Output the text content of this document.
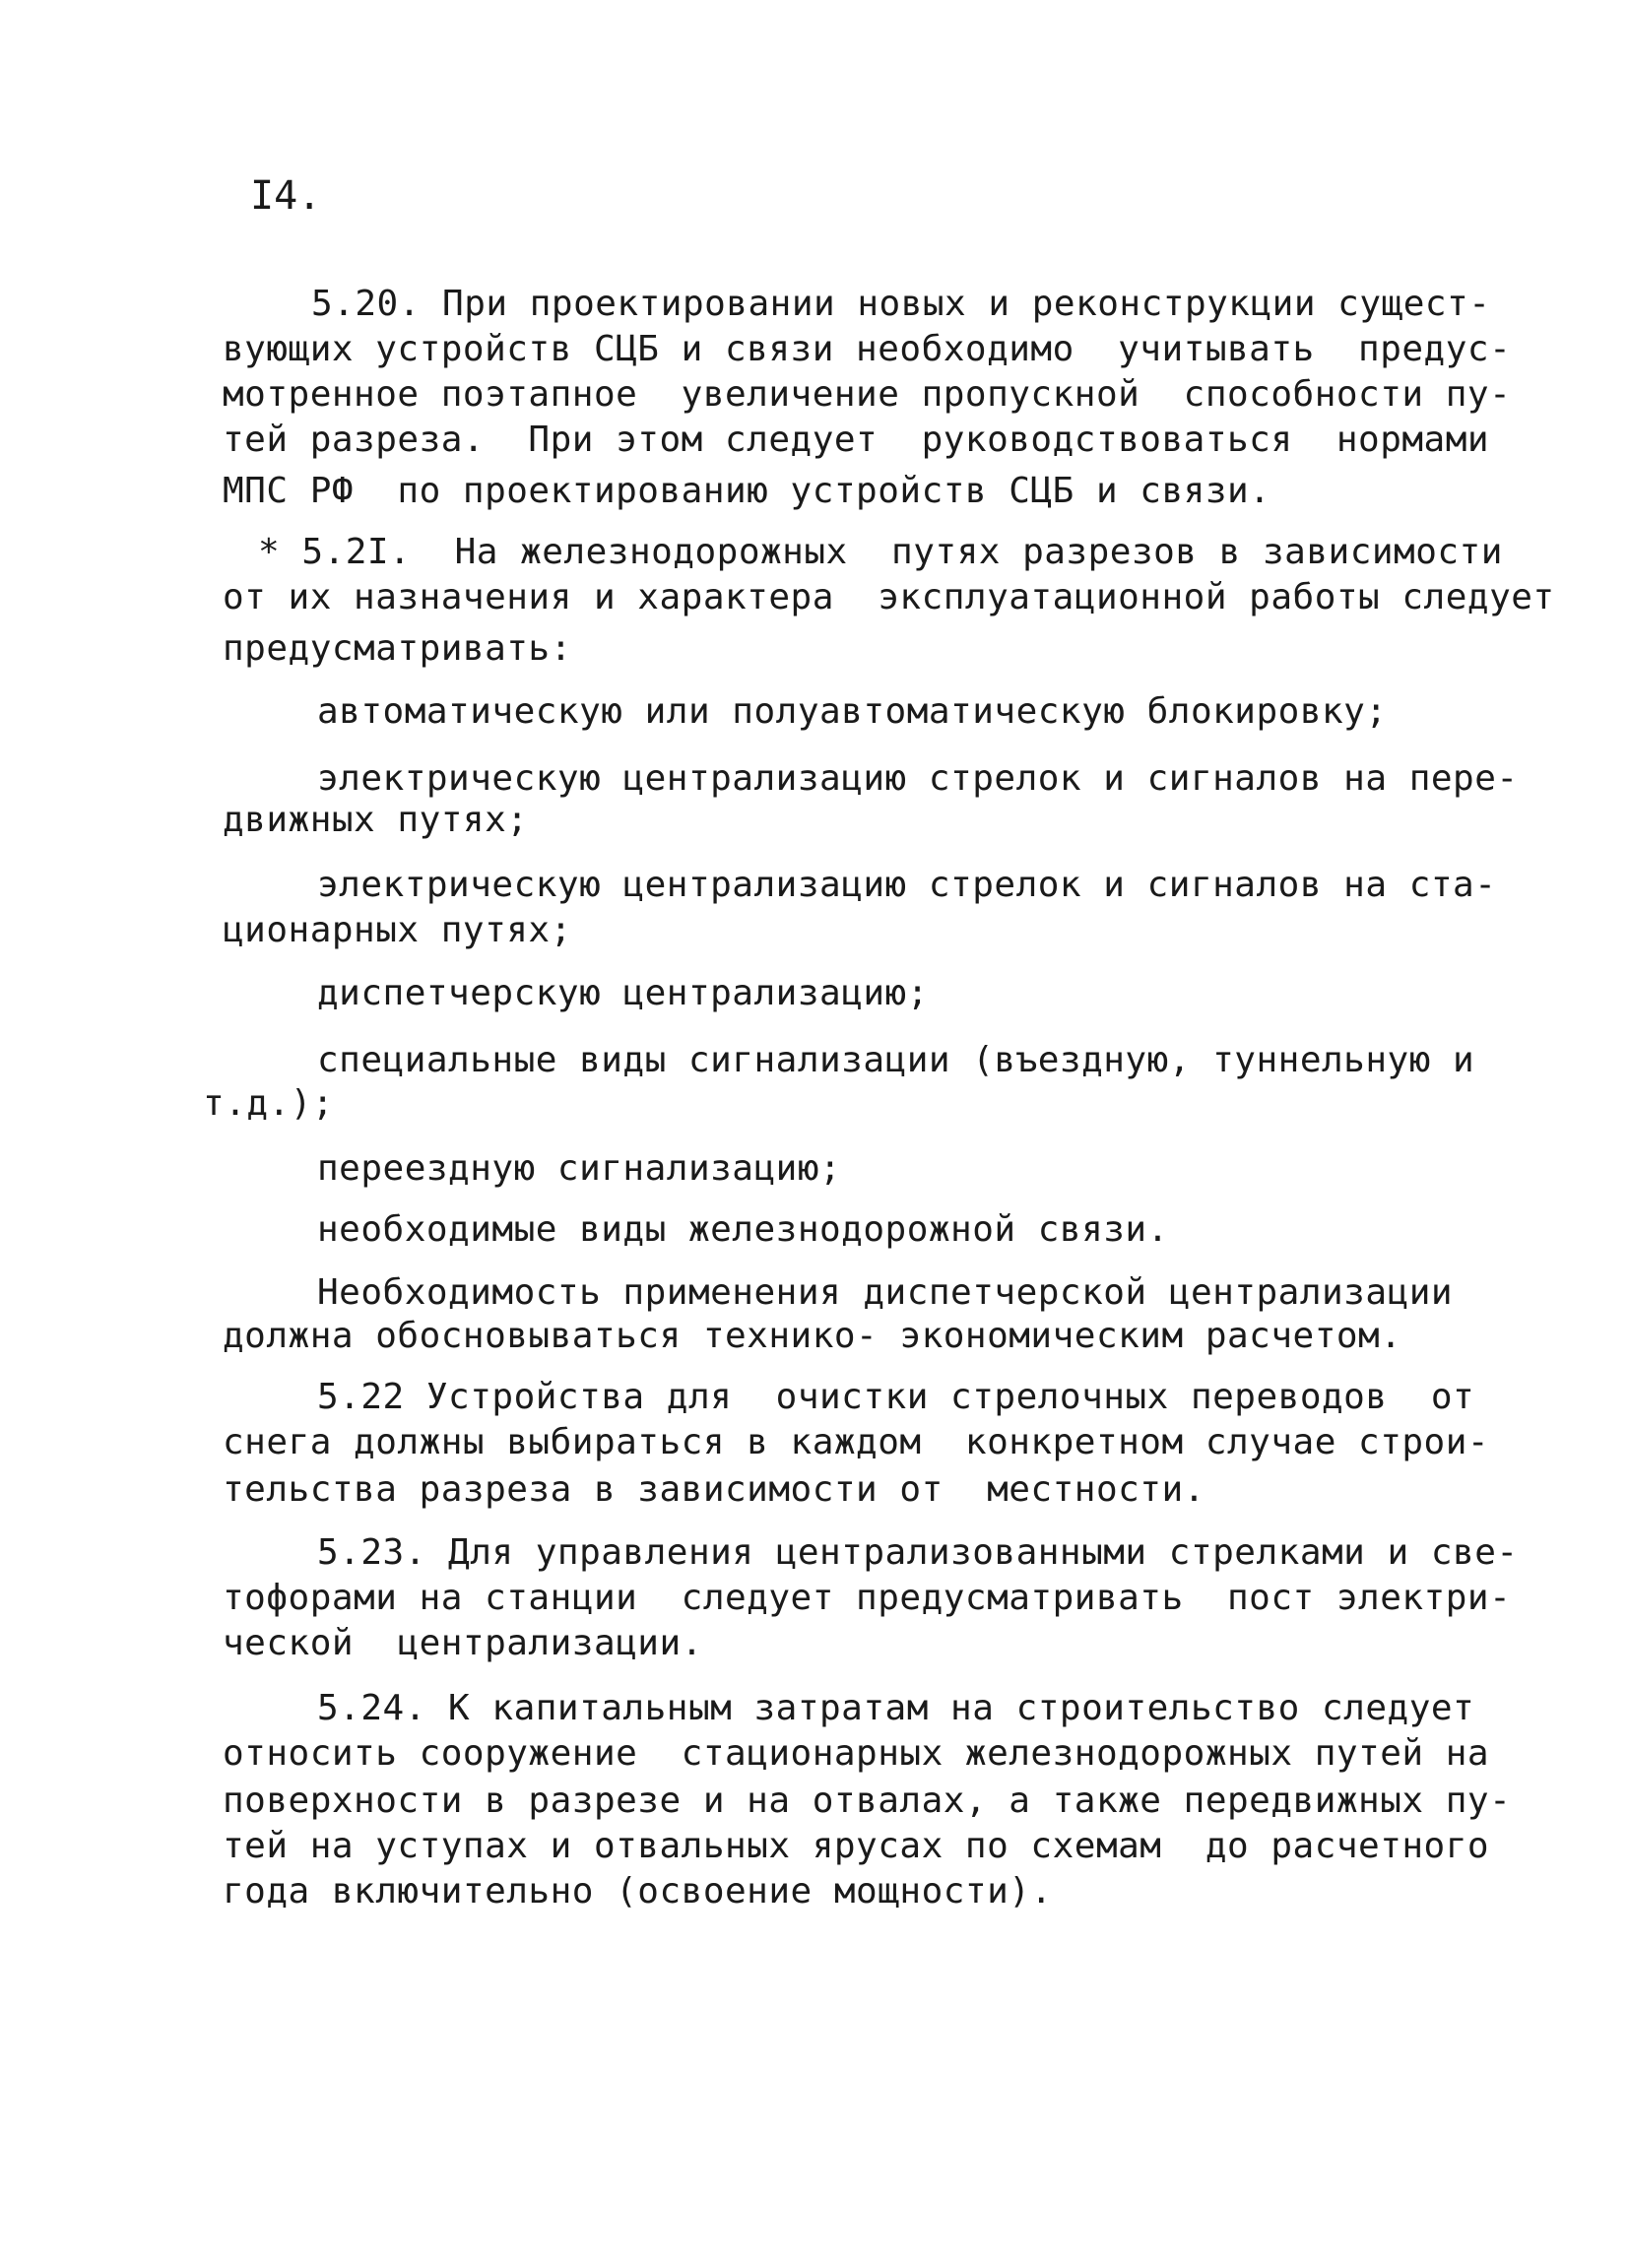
I4.
5.20. При проектировании новых и реконструкции сущест-
вующих устройств СЦБ и связи необходимо  учитывать  предус-
мотренное поэтапное  увеличение пропускной  способности пу-
тей разреза.  При этом следует  руководствоваться  нормами
МПС РФ  по проектированию устройств СЦБ и связи.
* 5.2I.  На железнодорожных  путях разрезов в зависимости
от их назначения и характера  эксплуатационной работы следует
предусматривать:
автоматическую или полуавтоматическую блокировку;
электрическую централизацию стрелок и сигналов на пере-
движных путях;
электрическую централизацию стрелок и сигналов на ста-
ционарных путях;
диспетчерскую централизацию;
специальные виды сигнализации (въездную, туннельную и
т.д.);
переездную сигнализацию;
необходимые виды железнодорожной связи.
Необходимость применения диспетчерской централизации
должна обосновываться технико- экономическим расчетом.
5.22 Устройства для  очистки стрелочных переводов  от
снега должны выбираться в каждом  конкретном случае строи-
тельства разреза в зависимости от  местности.
5.23. Для управления централизованными стрелками и све-
тофорами на станции  следует предусматривать  пост электри-
ческой  централизации.
5.24. К капитальным затратам на строительство следует
относить сооружение  стационарных железнодорожных путей на
поверхности в разрезе и на отвалах, а также передвижных пу-
тей на уступах и отвальных ярусах по схемам  до расчетного
года включительно (освоение мощности).
